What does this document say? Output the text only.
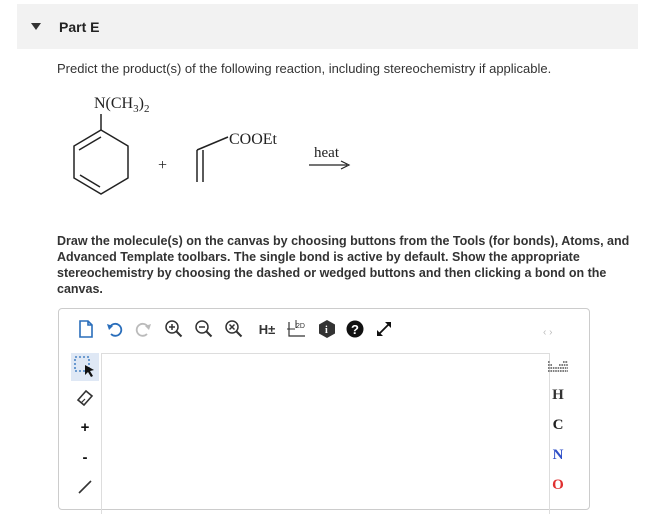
Part E
Predict the product(s) of the following reaction, including stereochemistry if applicable.
$N(CH_3)_2$
+
COOEt
heat
Draw the molecule(s) on the canvas by choosing buttons from the Tools (for bonds), Atoms, and Advanced Template toolbars. The single bond is active by default. Show the appropriate stereochemistry by choosing the dashed or wedged buttons and then clicking a bond on the canvas.
H±	2D i ?	‹ ›
+
-
H
C
N
O
